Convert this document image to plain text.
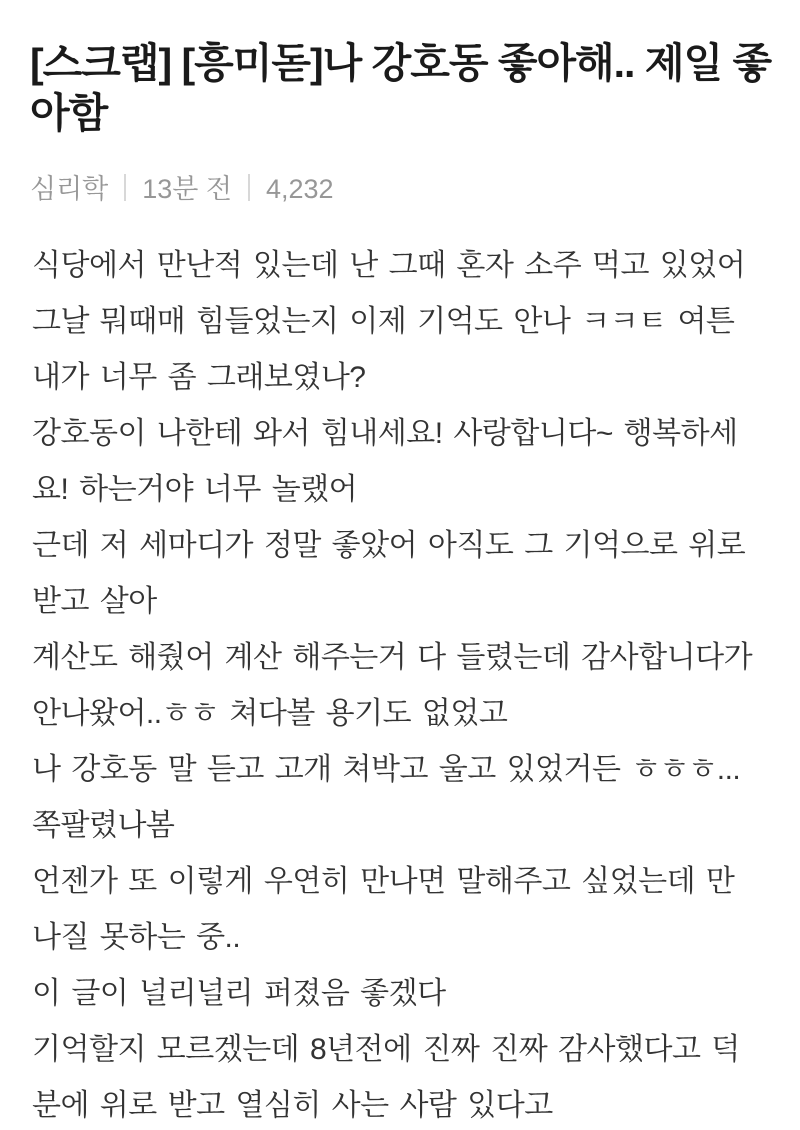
[스크랩] [흥미돋]나 강호동 좋아해.. 제일 좋아함
심리학 13분 전 4,232
식당에서 만난적 있는데 난 그때 혼자 소주 먹고 있었어
그날 뭐때매 힘들었는지 이제 기억도 안나 ㅋㅋㅌ 여튼
내가 너무 좀 그래보였나?
강호동이 나한테 와서 힘내세요! 사랑합니다~ 행복하세
요! 하는거야 너무 놀랬어
근데 저 세마디가 정말 좋았어 아직도 그 기억으로 위로
받고 살아
계산도 해줬어 계산 해주는거 다 들렸는데 감사합니다가
안나왔어..ㅎㅎ 쳐다볼 용기도 없었고
나 강호동 말 듣고 고개 쳐박고 울고 있었거든 ㅎㅎㅎ...
쪽팔렸나봄
언젠가 또 이렇게 우연히 만나면 말해주고 싶었는데 만
나질 못하는 중..
이 글이 널리널리 퍼졌음 좋겠다
기억할지 모르겠는데 8년전에 진짜 진짜 감사했다고 덕
분에 위로 받고 열심히 사는 사람 있다고
